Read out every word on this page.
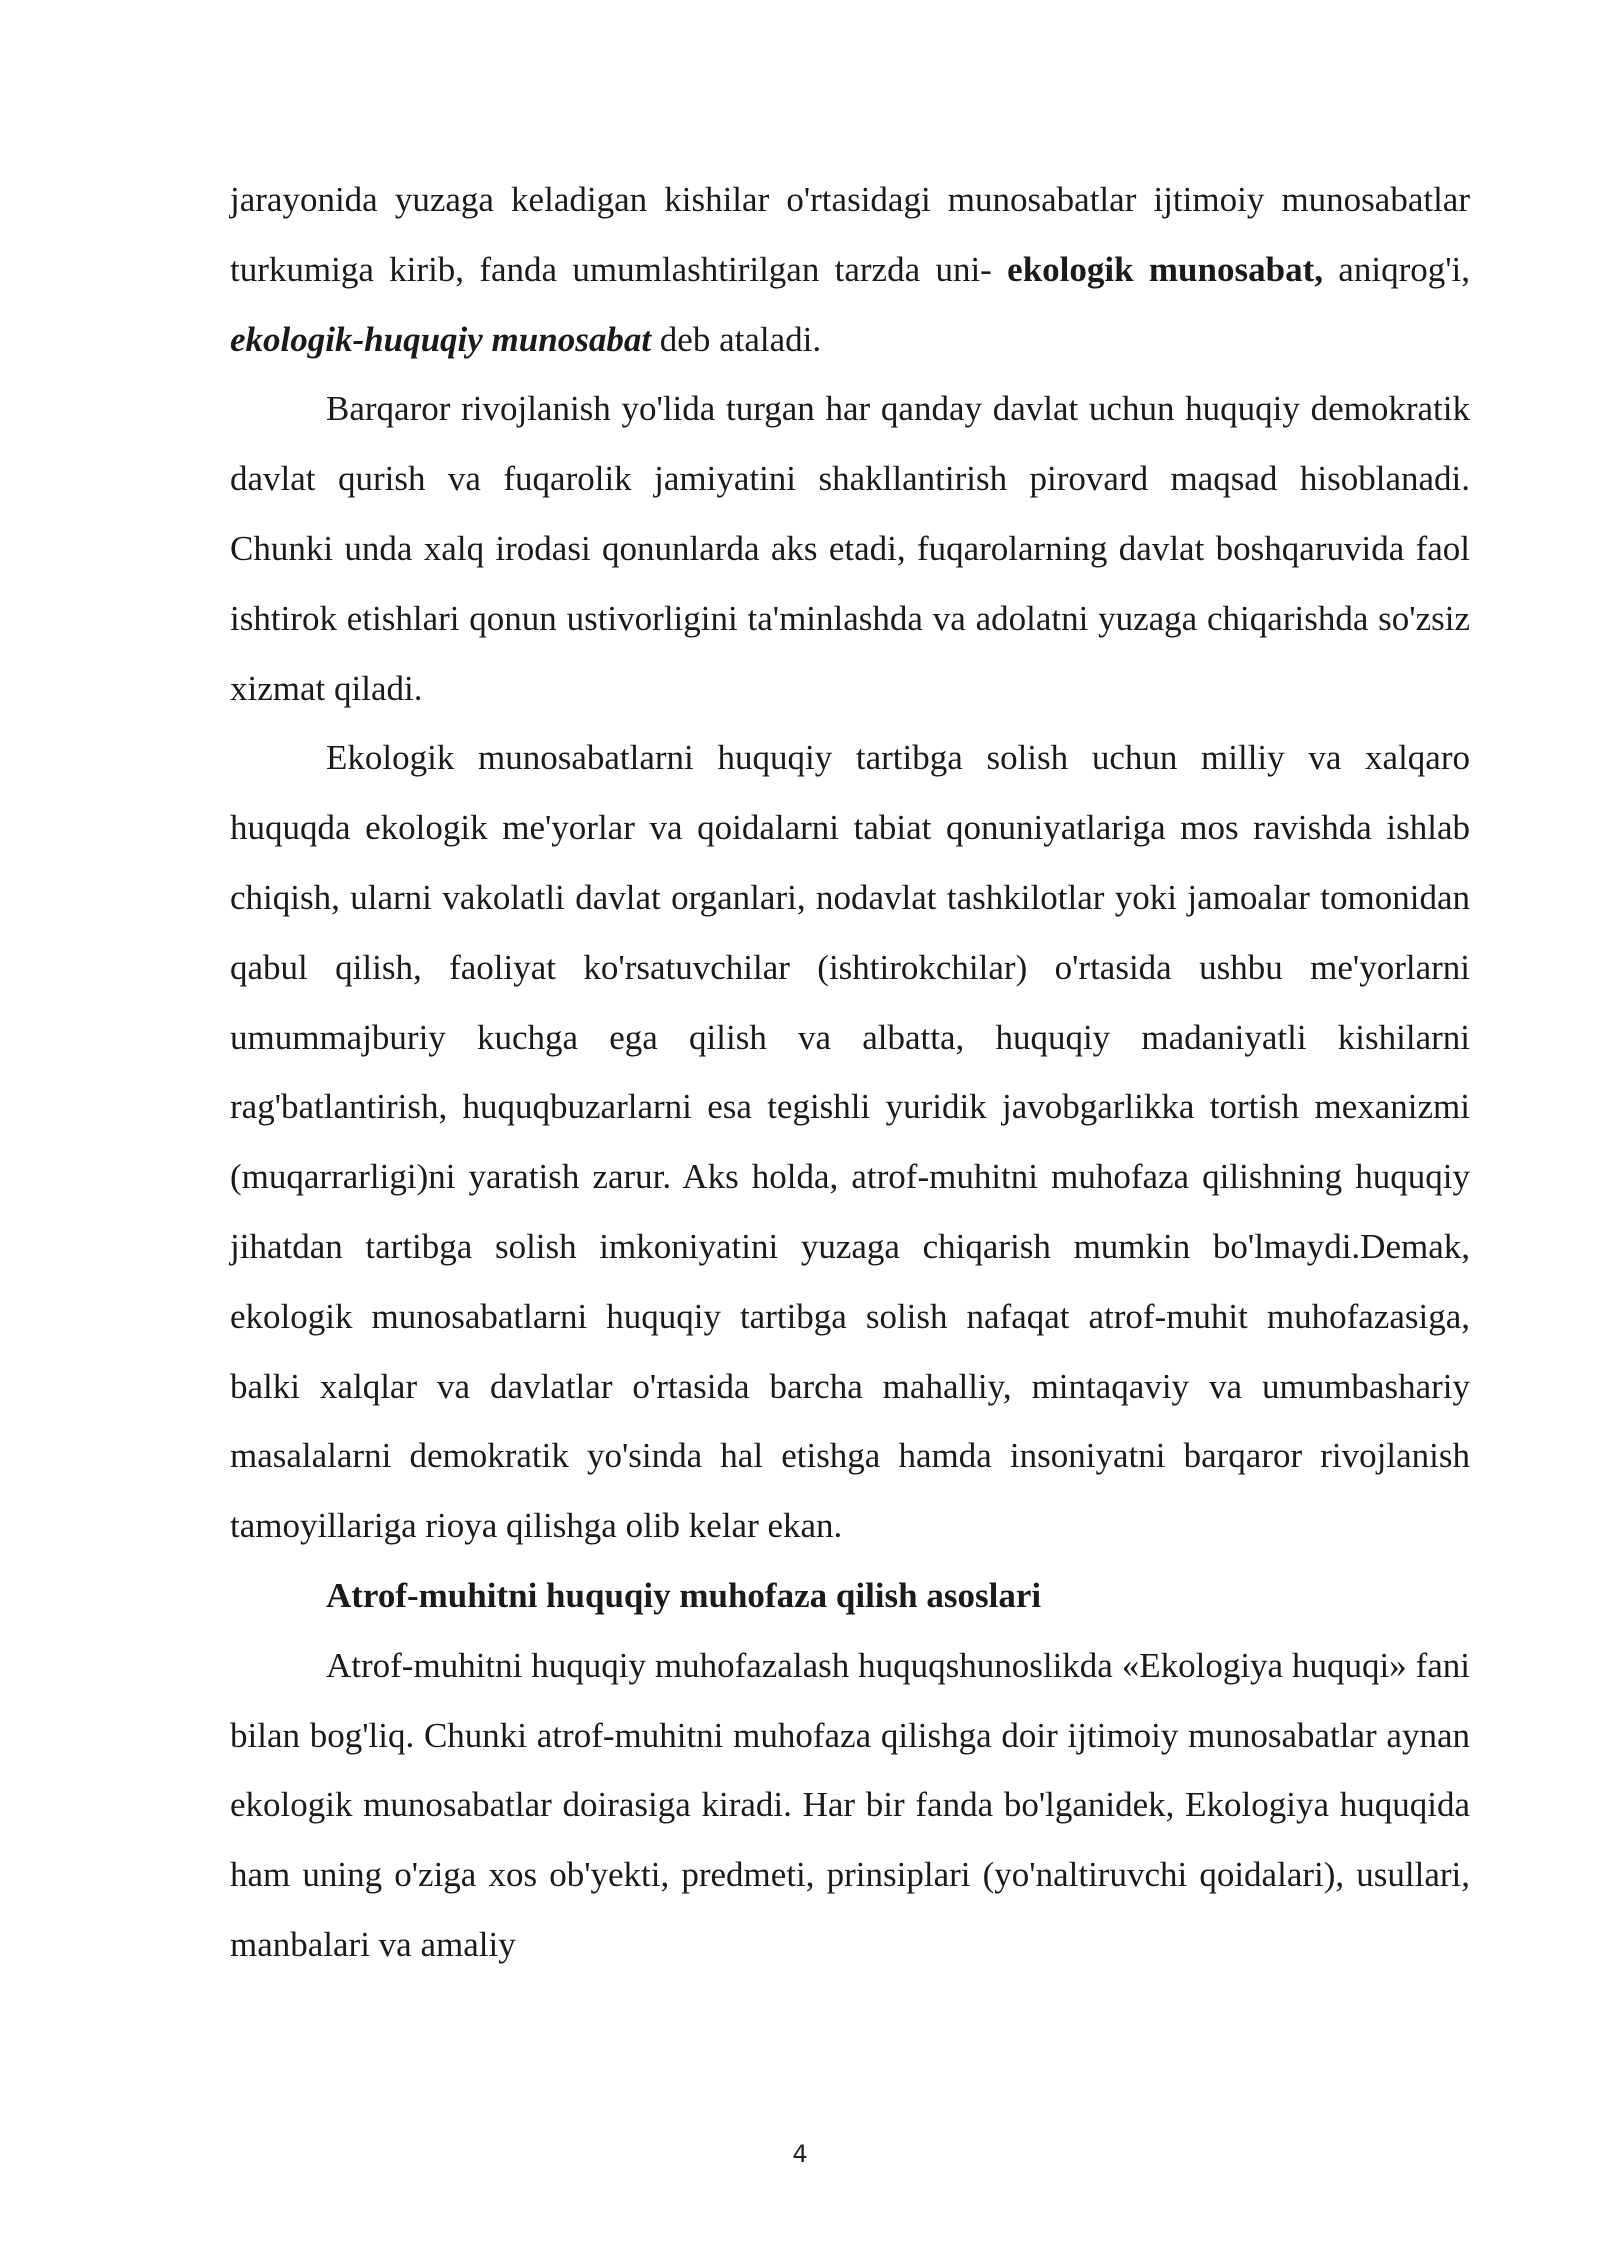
jarayonida yuzaga keladigan kishilar o'rtasidagi munosabatlar ijtimoiy munosabatlar turkumiga kirib, fanda umumlashtirilgan tarzda uni- ekologik munosabat, aniqrog'i, ekologik-huquqiy munosabat deb ataladi.

Barqaror rivojlanish yo'lida turgan har qanday davlat uchun huquqiy demokratik davlat qurish va fuqarolik jamiyatini shakllantirish pirovard maqsad hisoblanadi. Chunki unda xalq irodasi qonunlarda aks etadi, fuqarolarning davlat boshqaruvida faol ishtirok etishlari qonun ustivorligini ta'minlashda va adolatni yuzaga chiqarishda so'zsiz xizmat qiladi.

Ekologik munosabatlarni huquqiy tartibga solish uchun milliy va xalqaro huquqda ekologik me'yorlar va qoidalarni tabiat qonuniyatlariga mos ravishda ishlab chiqish, ularni vakolatli davlat organlari, nodavlat tashkilotlar yoki jamoalar tomonidan qabul qilish, faoliyat ko'rsatuvchilar (ishtirokchilar) o'rtasida ushbu me'yorlarni umummajburiy kuchga ega qilish va albatta, huquqiy madaniyatli kishilarni rag'batlantirish, huquqbuzarlarni esa tegishli yuridik javobgarlikka tortish mexanizmi (muqarrarligi)ni yaratish zarur. Aks holda, atrof-muhitni muhofaza qilishning huquqiy jihatdan tartibga solish imkoniyatini yuzaga chiqarish mumkin bo'lmaydi.Demak, ekologik munosabatlarni huquqiy tartibga solish nafaqat atrof-muhit muhofazasiga, balki xalqlar va davlatlar o'rtasida barcha mahalliy, mintaqaviy va umumbashariy masalalarni demokratik yo'sinda hal etishga hamda insoniyatni barqaror rivojlanish tamoyillariga rioya qilishga olib kelar ekan.

Atrof-muhitni huquqiy muhofaza qilish asoslari

Atrof-muhitni huquqiy muhofazalash huquqshunoslikda «Ekologiya huquqi» fani bilan bog'liq. Chunki atrof-muhitni muhofaza qilishga doir ijtimoiy munosabatlar aynan ekologik munosabatlar doirasiga kiradi. Har bir fanda bo'lganidek, Ekologiya huquqida ham uning o'ziga xos ob'yekti, predmeti, prinsiplari (yo'naltiruvchi qoidalari), usullari, manbalari va amaliy

4
